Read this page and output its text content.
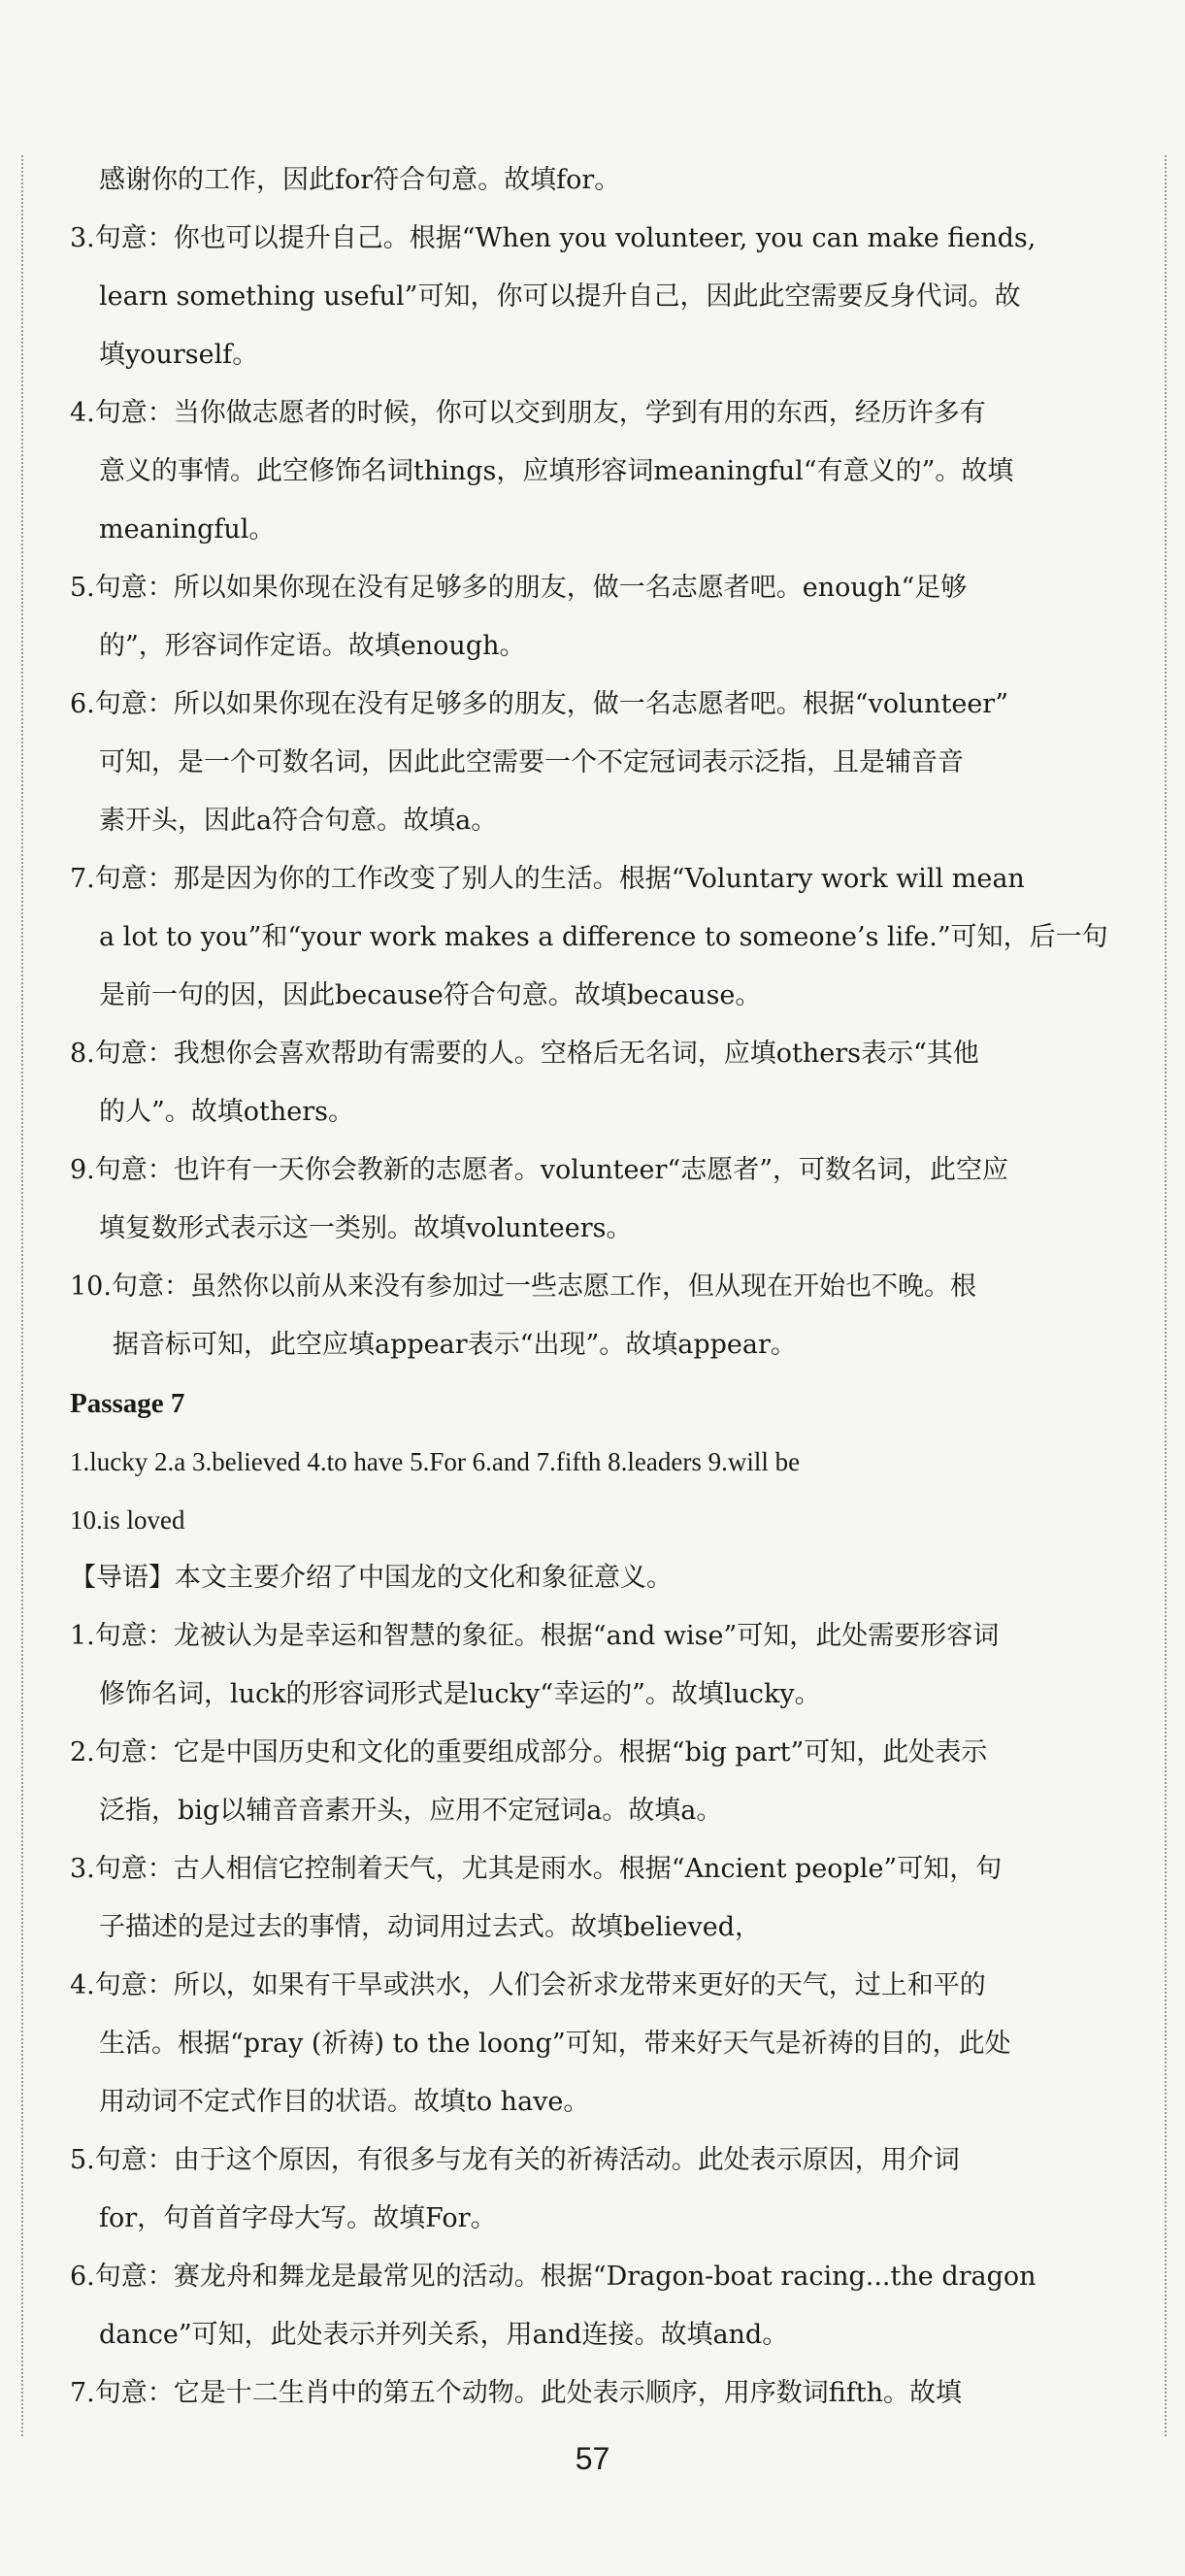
感谢你的工作，因此for符合句意。故填for。
3.句意：你也可以提升自己。根据“When you volunteer, you can make fiends,
learn something useful”可知，你可以提升自己，因此此空需要反身代词。故
填yourself。
4.句意：当你做志愿者的时候，你可以交到朋友，学到有用的东西，经历许多有
意义的事情。此空修饰名词things，应填形容词meaningful“有意义的”。故填
meaningful。
5.句意：所以如果你现在没有足够多的朋友，做一名志愿者吧。enough“足够
的”，形容词作定语。故填enough。
6.句意：所以如果你现在没有足够多的朋友，做一名志愿者吧。根据“volunteer”
可知，是一个可数名词，因此此空需要一个不定冠词表示泛指，且是辅音音
素开头，因此a符合句意。故填a。
7.句意：那是因为你的工作改变了别人的生活。根据“Voluntary work will mean
a lot to you”和“your work makes a difference to someone’s life.”可知，后一句
是前一句的因，因此because符合句意。故填because。
8.句意：我想你会喜欢帮助有需要的人。空格后无名词，应填others表示“其他
的人”。故填others。
9.句意：也许有一天你会教新的志愿者。volunteer“志愿者”，可数名词，此空应
填复数形式表示这一类别。故填volunteers。
10.句意：虽然你以前从来没有参加过一些志愿工作，但从现在开始也不晚。根
据音标可知，此空应填appear表示“出现”。故填appear。
Passage 7
1.lucky 2.a 3.believed 4.to have 5.For 6.and 7.fifth 8.leaders 9.will be
10.is loved
【导语】本文主要介绍了中国龙的文化和象征意义。
1.句意：龙被认为是幸运和智慧的象征。根据“and wise”可知，此处需要形容词
修饰名词，luck的形容词形式是lucky“幸运的”。故填lucky。
2.句意：它是中国历史和文化的重要组成部分。根据“big part”可知，此处表示
泛指，big以辅音音素开头，应用不定冠词a。故填a。
3.句意：古人相信它控制着天气，尤其是雨水。根据“Ancient people”可知，句
子描述的是过去的事情，动词用过去式。故填believed，
4.句意：所以，如果有干旱或洪水，人们会祈求龙带来更好的天气，过上和平的
生活。根据“pray (祈祷) to the loong”可知，带来好天气是祈祷的目的，此处
用动词不定式作目的状语。故填to have。
5.句意：由于这个原因，有很多与龙有关的祈祷活动。此处表示原因，用介词
for，句首首字母大写。故填For。
6.句意：赛龙舟和舞龙是最常见的活动。根据“Dragon-boat racing...the dragon
dance”可知，此处表示并列关系，用and连接。故填and。
7.句意：它是十二生肖中的第五个动物。此处表示顺序，用序数词fifth。故填
57
